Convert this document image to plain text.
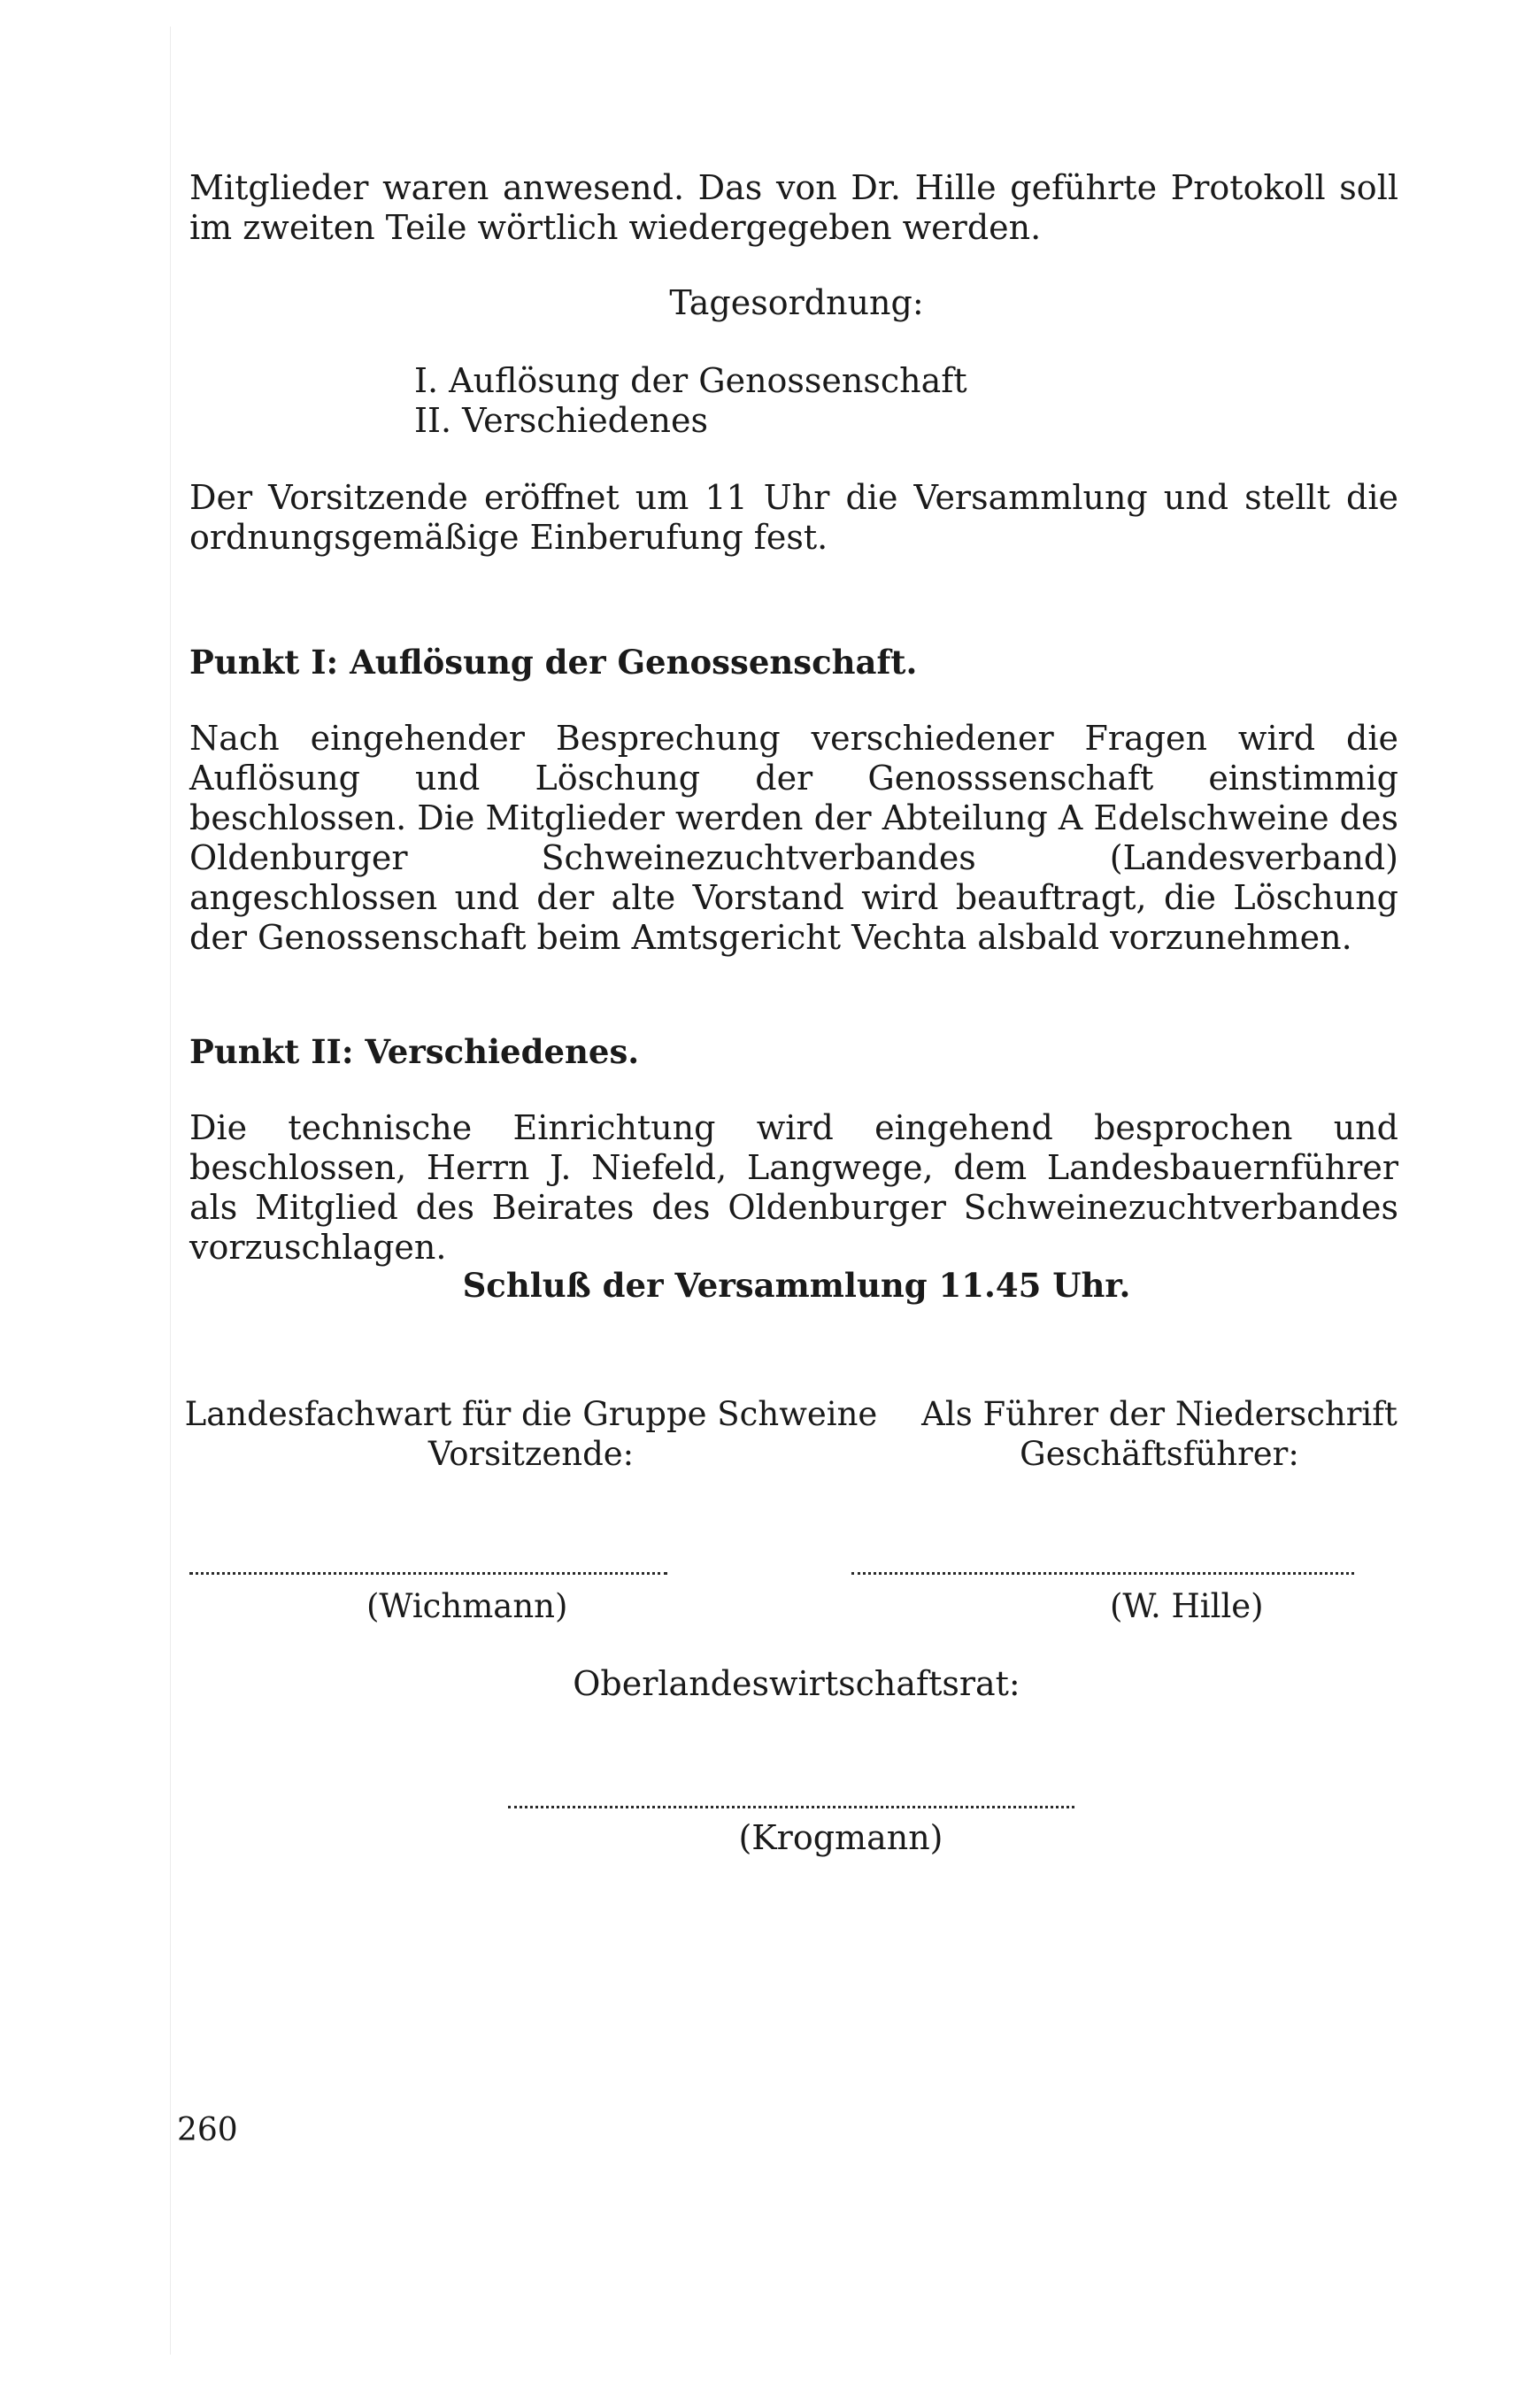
Mitglieder waren anwesend. Das von Dr. Hille geführte Protokoll soll im zweiten Teile wörtlich wiedergegeben werden.

Tagesordnung:
I. Auflösung der Genossenschaft
II. Verschiedenes

Der Vorsitzende eröffnet um 11 Uhr die Versammlung und stellt die ordnungsgemäßige Einberufung fest.

Punkt I: Auflösung der Genossenschaft.

Nach eingehender Besprechung verschiedener Fragen wird die Auflösung und Löschung der Genosssenschaft einstimmig beschlossen. Die Mitglieder werden der Abteilung A Edelschweine des Oldenburger Schweinezuchtverbandes (Landesverband) angeschlossen und der alte Vorstand wird beauftragt, die Löschung der Genossenschaft beim Amtsgericht Vechta alsbald vorzunehmen.

Punkt II: Verschiedenes.

Die technische Einrichtung wird eingehend besprochen und beschlossen, Herrn J. Niefeld, Langwege, dem Landesbauernführer als Mitglied des Beirates des Oldenburger Schweinezuchtverbandes vorzuschlagen.

Schluß der Versammlung 11.45 Uhr.
Landesfachwart für die Gruppe Schweine
Vorsitzende:
Als Führer der Niederschrift
Geschäftsführer:
(Wichmann)	(W. Hille)
Oberlandeswirtschaftsrat:
(Krogmann)
260
